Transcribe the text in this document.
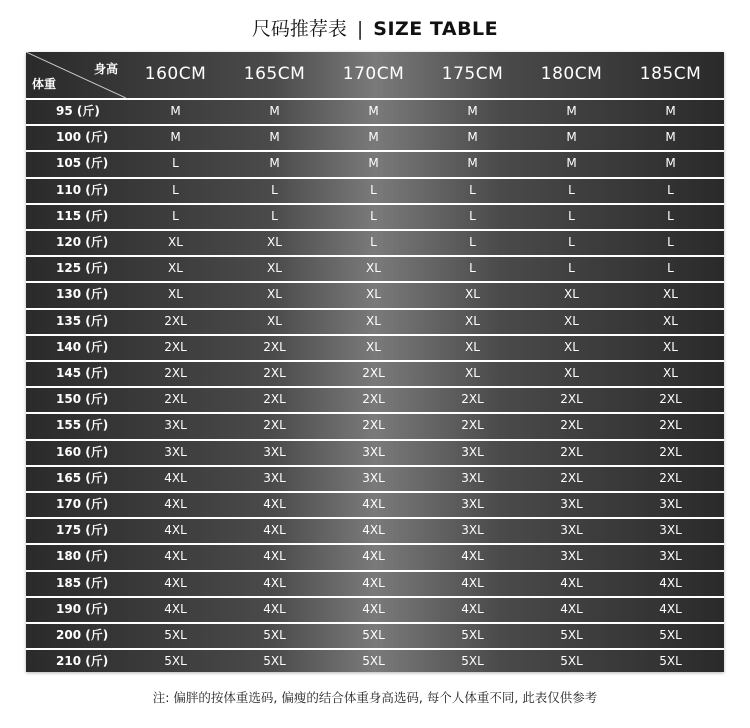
尺码推荐表 | SIZE TABLE
身高
体重	160CM	165CM	170CM	175CM	180CM	185CM
95 (斤)	M	M	M	M	M	M
100 (斤)	M	M	M	M	M	M
105 (斤)	L	M	M	M	M	M
110 (斤)	L	L	L	L	L	L
115 (斤)	L	L	L	L	L	L
120 (斤)	XL	XL	L	L	L	L
125 (斤)	XL	XL	XL	L	L	L
130 (斤)	XL	XL	XL	XL	XL	XL
135 (斤)	2XL	XL	XL	XL	XL	XL
140 (斤)	2XL	2XL	XL	XL	XL	XL
145 (斤)	2XL	2XL	2XL	XL	XL	XL
150 (斤)	2XL	2XL	2XL	2XL	2XL	2XL
155 (斤)	3XL	2XL	2XL	2XL	2XL	2XL
160 (斤)	3XL	3XL	3XL	3XL	2XL	2XL
165 (斤)	4XL	3XL	3XL	3XL	2XL	2XL
170 (斤)	4XL	4XL	4XL	3XL	3XL	3XL
175 (斤)	4XL	4XL	4XL	3XL	3XL	3XL
180 (斤)	4XL	4XL	4XL	4XL	3XL	3XL
185 (斤)	4XL	4XL	4XL	4XL	4XL	4XL
190 (斤)	4XL	4XL	4XL	4XL	4XL	4XL
200 (斤)	5XL	5XL	5XL	5XL	5XL	5XL
210 (斤)	5XL	5XL	5XL	5XL	5XL	5XL
注: 偏胖的按体重选码, 偏瘦的结合体重身高选码, 每个人体重不同, 此表仅供参考
